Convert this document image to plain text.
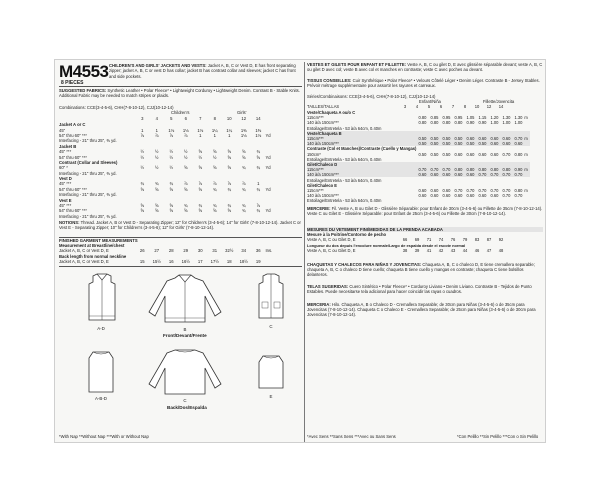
M4553
8 PIECES
CHILDREN'S AND GIRLS' JACKETS AND VESTS: Jacket A, B, C or Vest D, E has front separating zipper; jacket A, B, C or vest D has collar; jacket B has contrast collar and sleeves; jacket C has front and side pockets.
SUGGESTED FABRICS: Synthetic Leather • Polar Fleece* • Lightweight Corduroy • Lightweight Denim. Contrast B - Stable Knits. Additional Fabric may be needed to match stripes or plaids.
Combinations: CCE(3-4-5-6), CHH(7-8-10-12), CJJ(10-12-14)
Children's	Girls'
	3	4	5	6	7	8	10	12	14	
Jacket A or C										
45"	1	1	1⅛	1⅛	1⅛	1¼	1¼	1⅜	1⅜	
54" thru 60" ***	⅞	⅞	⅞	⅞	1	1	1	1⅛	1⅛	Yd
Interfacing - 21" thru 25", ⅜ yd.										
Jacket B										
45" ***	½	½	½	½	⅝	⅝	⅝	⅝	¾	
54" thru 60" ***	½	½	½	½	½	½	⅝	⅝	⅝	Yd
Contrast (Collar and Sleeves)										
60" *	½	½	½	⅝	⅝	⅝	⅝	¾	¾	Yd
Interfacing - 21" thru 25", ⅜ yd.										
Vest D										
45" ***	¾	¾	¾	⅞	⅞	⅞	⅞	⅞	1	
54" thru 60" ***	⅝	⅝	⅝	⅝	⅝	¾	¾	¾	¾	Yd
Interfacing - 21" thru 25", ⅜ yd.										
Vest E										
45" ***	⅝	⅝	⅝	¾	¾	¾	¾	¾	⅞	
54" thru 60" ***	⅝	⅝	⅝	⅝	⅝	⅝	⅝	¾	¾	Yd
Interfacing - 21" thru 25", ⅜ yd.										
NOTIONS: Thread. Jacket A, B or Vest D - Separating Zipper; 12" for Children's (3-4-5-6); 14" for Girls' (7-8-10-12-14). Jacket C or Vest E - Separating Zipper; 10" for Children's (3-4-5-6); 12" for Girls' (7-8-10-12-14).
FINISHED GARMENT MEASUREMENTS
Measurement at Breastline/chest
Jacket A, B, C or Vest D, E	26	27	28	29	30	31	32½	34	36	Ins.
Back length from normal neckline
Jacket A, B, C or Vest D, E	15	15½	16	16½	17	17½	18	18½	19	
A-D	B
C
Front/Devant/Frente
A-B-D	C
E
Back/Dos/Espalda
*With Nap **Without Nap ***With or Without Nap
VESTES ET GILETS POUR ENFANT ET FILLETTE: Veste A, B, C ou gilet D, E avec glissière séparable devant; veste A, B, C ou gilet D avec col; veste B avec col et manches en contraste; veste C avec poches au devant.
TISSUS CONSEILLES: Cuir Synthétique • Polar Fleece* • Velours Côtelé Léger • Denim Léger. Contraste B - Jersey Stables. Prévoir métrage supplémentaire pour assortir les rayures et carreaux.
Séries/Combinaisons: CCE(3-4-5-6), CHH(7-8-10-12), CJJ(10-12-14)
Enfant/Niña	Fillette/Jovencita
TAILLES/TALLAS	3	4	5	6	7	8	10	12	14	
Veste/Chaqueta A ou/o C										
115cm***	0.80	0.85	0.95	0.95	1.05	1.15	1.20	1.30	1.30	m
140 à/a 150cm***	0.80	0.80	0.80	0.80	0.90	0.90	1.00	1.00	1.00	
Entoilage/Entretela - 53 à/a 64cm, 0.40m										
Veste/Chaqueta B										
115cm***	0.50	0.50	0.50	0.50	0.60	0.60	0.60	0.60	0.70	m
140 à/a 150cm***	0.50	0.50	0.50	0.50	0.50	0.50	0.60	0.60	0.60	
Contraste (Col et Manches)/Contraste (Cuello y Mangas)										
150cm*	0.50	0.50	0.50	0.60	0.60	0.60	0.60	0.70	0.80	m
Entoilage/Entretela - 53 à/a 64cm, 0.40m										
Gilet/Chaleco D										
115cm***	0.70	0.70	0.70	0.80	0.80	0.80	0.80	0.80	0.90	m
140 à/a 150cm***	0.60	0.60	0.60	0.60	0.60	0.70	0.70	0.70	0.70	
Entoilage/Entretela - 53 à/a 64cm, 0.40m										
Gilet/Chaleco E										
115cm***	0.60	0.60	0.60	0.70	0.70	0.70	0.70	0.70	0.80	m
140 à/a 150cm***	0.60	0.60	0.60	0.60	0.60	0.60	0.60	0.70	0.70	
Entoilage/Entretela - 53 à/a 64cm, 0.40m										
MERCERIE: Fil. Veste A, B ou Gilet D - Glissière Séparable: pour Enfant de 30cm (3-4-5-6) ou Fillette de 35cm (7-8-10-12-14). Veste C ou Gilet E - Glissière Séparable: pour Enfant de 25cm (3-4-5-6) ou Fillette de 30cm (7-8-10-12-14).
MESURES DU VETEMENT FINI/MEDIDAS DE LA PRENDA ACABADA
Mesure à la Poitrine/Contorno de pecho
Veste A, B, C ou Gilet D, E	66	69	71	74	76	79	83	87	92	
Longueur du dos depuis l'encolure normale/Largo de espalda desde el escote normal
Veste A, B, C ou Gilet D, E	38	39	41	42	43	44	46	47	48	
CHAQUETAS Y CHALECOS PARA NIÑAS Y JOVENCITAS: Chaqueta A, B, C o chaleco D, E tiene cremallera separable; chaqueta A, B, C o chaleco D tiene cuello; chaqueta B tiene cuello y mangas en contraste; chaqueta C tiene bolsillos delanteros.
TELAS SUGERIDAS: Cuero Sintético • Polar Fleece* • Corduroy Liviano • Denim Liviano. Contraste B - Tejidos de Punto Estables. Puede necesitarse tela adicional para hacer coincidir las rayas o cuadros.
MERCERIA: Hilo. Chaqueta A, B o Chaleco D - Cremallera Separable; de 30cm para Niñas (3-4-5-6) o de 35cm para Jovencitas (7-8-10-12-14). Chaqueta C o Chaleco E - Cremallera Separable; de 25cm para Niñas (3-4-5-6) o de 30cm para Jovencitas (7-8-10-12-14).
*Avec Sens **Sans Sens ***Avec ou Sans Sens	*Con Pelillo **Sin Pelillo ***Con o Sin Pelillo
